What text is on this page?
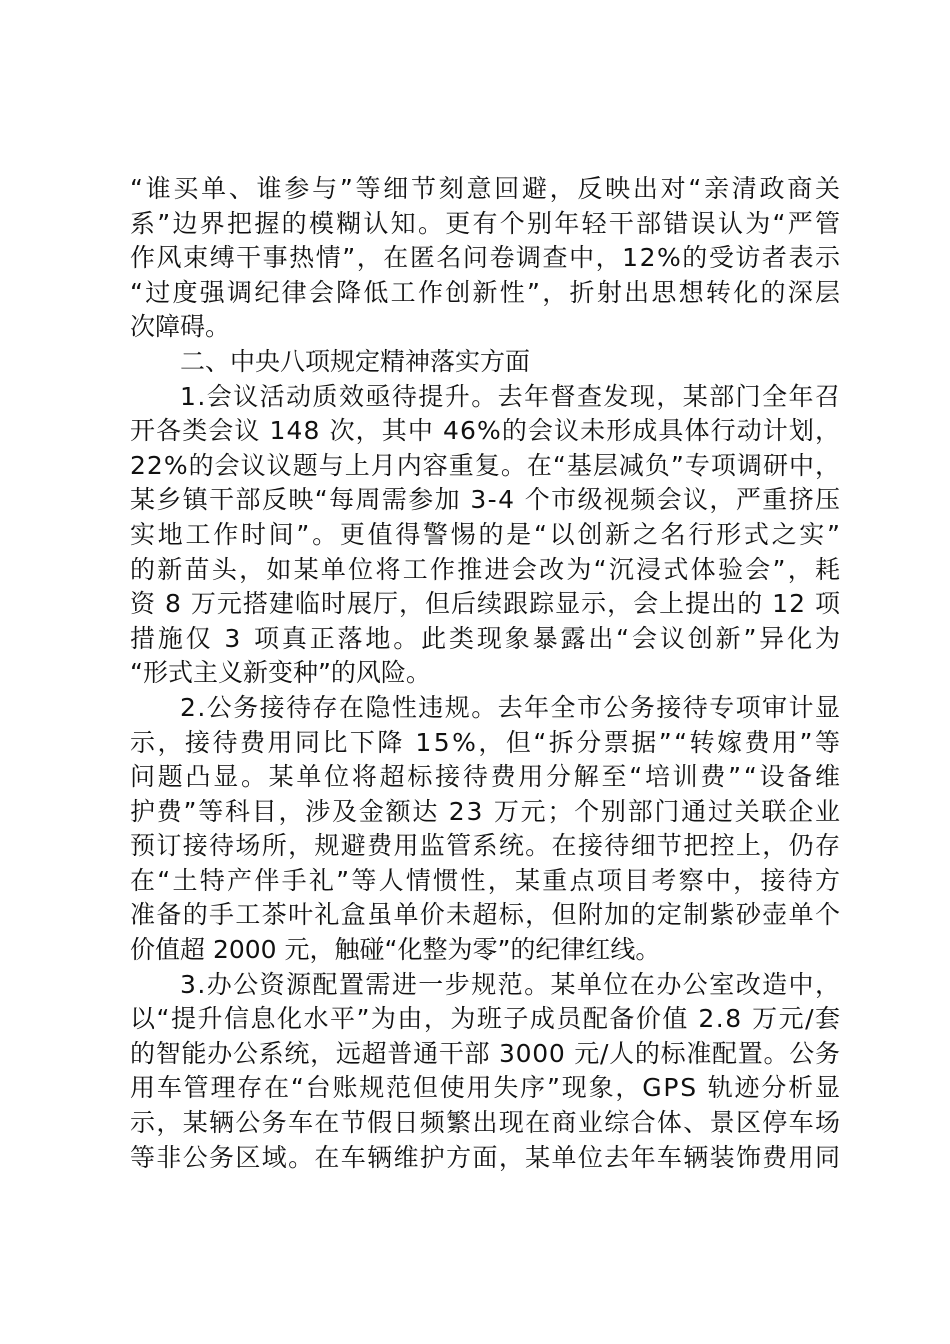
“谁买单、谁参与”等细节刻意回避，反映出对“亲清政商关
系”边界把握的模糊认知。更有个别年轻干部错误认为“严管
作风束缚干事热情”，在匿名问卷调查中，12%的受访者表示
“过度强调纪律会降低工作创新性”，折射出思想转化的深层
次障碍。
二、中央八项规定精神落实方面
1.会议活动质效亟待提升。去年督查发现，某部门全年召
开各类会议 148 次，其中 46%的会议未形成具体行动计划，
22%的会议议题与上月内容重复。在“基层减负”专项调研中，
某乡镇干部反映“每周需参加 3-4 个市级视频会议，严重挤压
实地工作时间”。更值得警惕的是“以创新之名行形式之实”
的新苗头，如某单位将工作推进会改为“沉浸式体验会”，耗
资 8 万元搭建临时展厅，但后续跟踪显示，会上提出的 12 项
措施仅 3 项真正落地。此类现象暴露出“会议创新”异化为
“形式主义新变种”的风险。
2.公务接待存在隐性违规。去年全市公务接待专项审计显
示，接待费用同比下降 15%，但“拆分票据”“转嫁费用”等
问题凸显。某单位将超标接待费用分解至“培训费”“设备维
护费”等科目，涉及金额达 23 万元；个别部门通过关联企业
预订接待场所，规避费用监管系统。在接待细节把控上，仍存
在“土特产伴手礼”等人情惯性，某重点项目考察中，接待方
准备的手工茶叶礼盒虽单价未超标，但附加的定制紫砂壶单个
价值超 2000 元，触碰“化整为零”的纪律红线。
3.办公资源配置需进一步规范。某单位在办公室改造中，
以“提升信息化水平”为由，为班子成员配备价值 2.8 万元/套
的智能办公系统，远超普通干部 3000 元/人的标准配置。公务
用车管理存在“台账规范但使用失序”现象，GPS 轨迹分析显
示，某辆公务车在节假日频繁出现在商业综合体、景区停车场
等非公务区域。在车辆维护方面，某单位去年车辆装饰费用同
